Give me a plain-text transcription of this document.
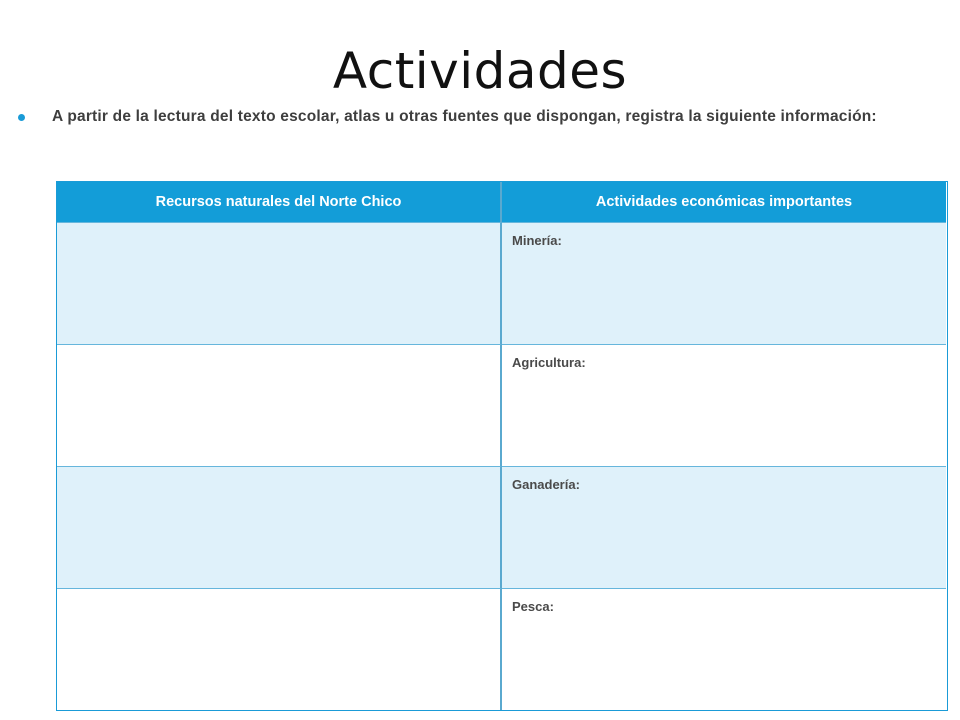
Actividades
A partir de la lectura del texto escolar, atlas u otras fuentes que dispongan, registra la siguiente información:
Recursos naturales del Norte Chico	Actividades económicas importantes
Minería:
Agricultura:
Ganadería:
Pesca:
